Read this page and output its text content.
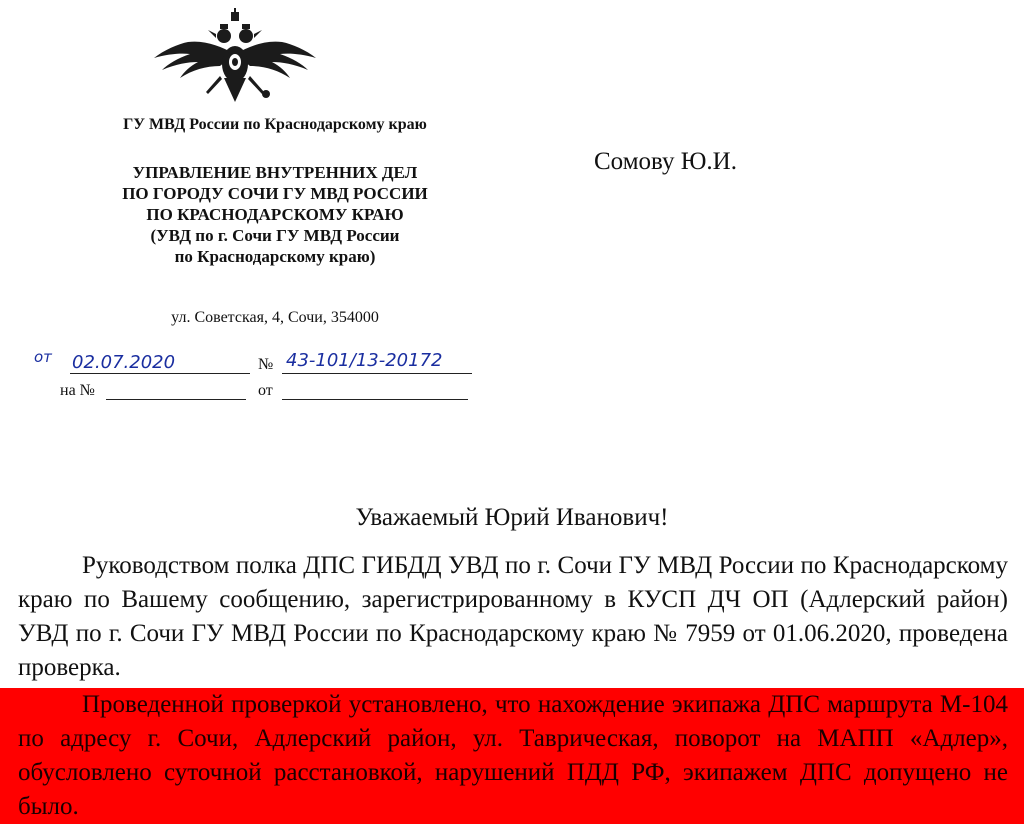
ГУ МВД России по Краснодарскому краю
УПРАВЛЕНИЕ ВНУТРЕННИХ ДЕЛ
ПО ГОРОДУ СОЧИ ГУ МВД РОССИИ
ПО КРАСНОДАРСКОМУ КРАЮ
(УВД по г. Сочи ГУ МВД России
по Краснодарскому краю)
ул. Советская, 4, Сочи, 354000
Сомову Ю.И.
от 02.07.2020	№ 43-101/13-20172
на №	от
Уважаемый Юрий Иванович!

Руководством полка ДПС ГИБДД УВД по г. Сочи ГУ МВД России по Краснодарскому краю по Вашему сообщению, зарегистрированному в КУСП ДЧ ОП (Адлерский район) УВД по г. Сочи ГУ МВД России по Краснодарскому краю № 7959 от 01.06.2020, проведена проверка.

Проведенной проверкой установлено, что нахождение экипажа ДПС маршрута М-104 по адресу г. Сочи, Адлерский район, ул. Таврическая, поворот на МАПП «Адлер», обусловлено суточной расстановкой, нарушений ПДД РФ, экипажем ДПС допущено не было.
